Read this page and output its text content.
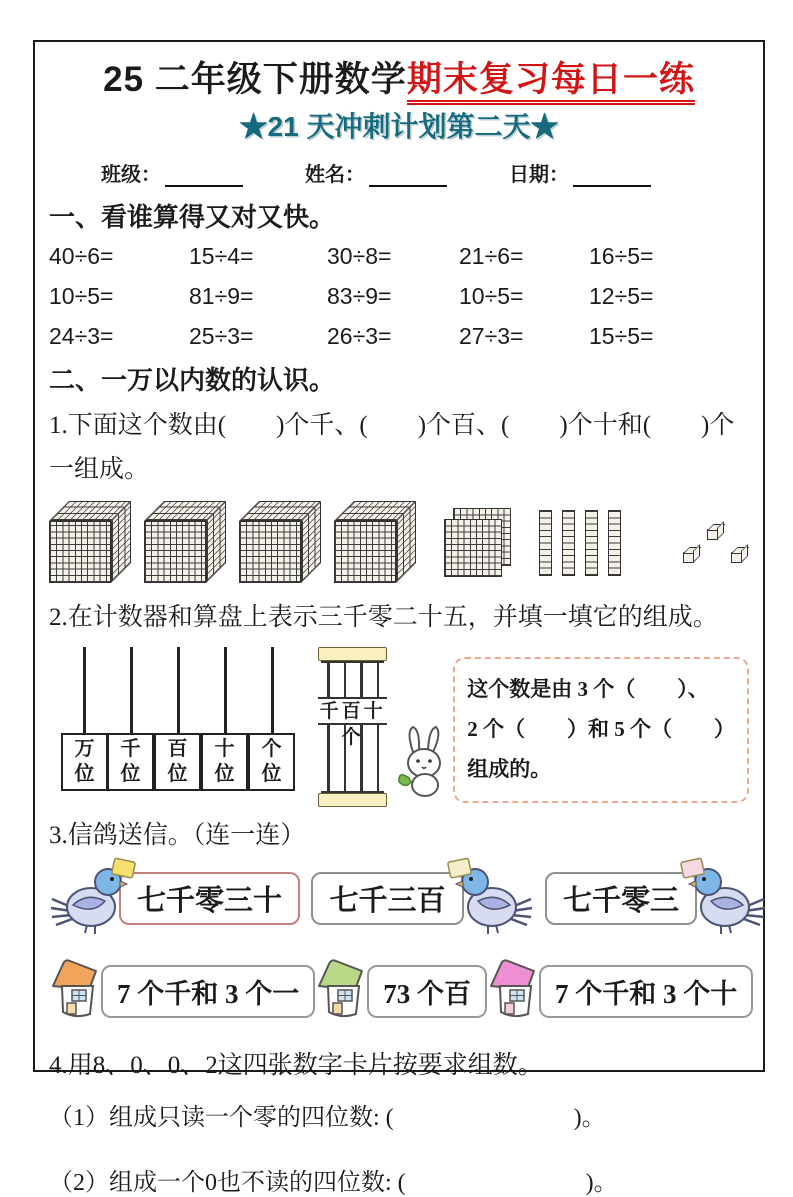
25 二年级下册数学期末复习每日一练
★21 天冲刺计划第二天★
班级：	姓名：	日期：
一、看谁算得又对又快。
40÷6=	15÷4=	30÷8=	21÷6=	16÷5=
10÷5=	81÷9=	83÷9=	10÷5=	12÷5=
24÷3=	25÷3=	26÷3=	27÷3=	15÷5=
二、一万以内数的认识。
1.下面这个数由(　　)个千、(　　)个百、(　　)个十和(　　)个
一组成。
2.在计数器和算盘上表示三千零二十五，并填一填它的组成。
万位
千位
百位
十位
个位
千百十个
这个数是由 3 个（　　）、
2 个（　　）和 5 个（　　）
组成的。
3.信鸽送信。（连一连）
七千零三十	七千三百	七千零三
7 个千和 3 个一	73 个百	7 个千和 3 个十
4.用8、0、0、2这四张数字卡片按要求组数。
（1）组成只读一个零的四位数: (	)。
（2）组成一个0也不读的四位数: (	)。
